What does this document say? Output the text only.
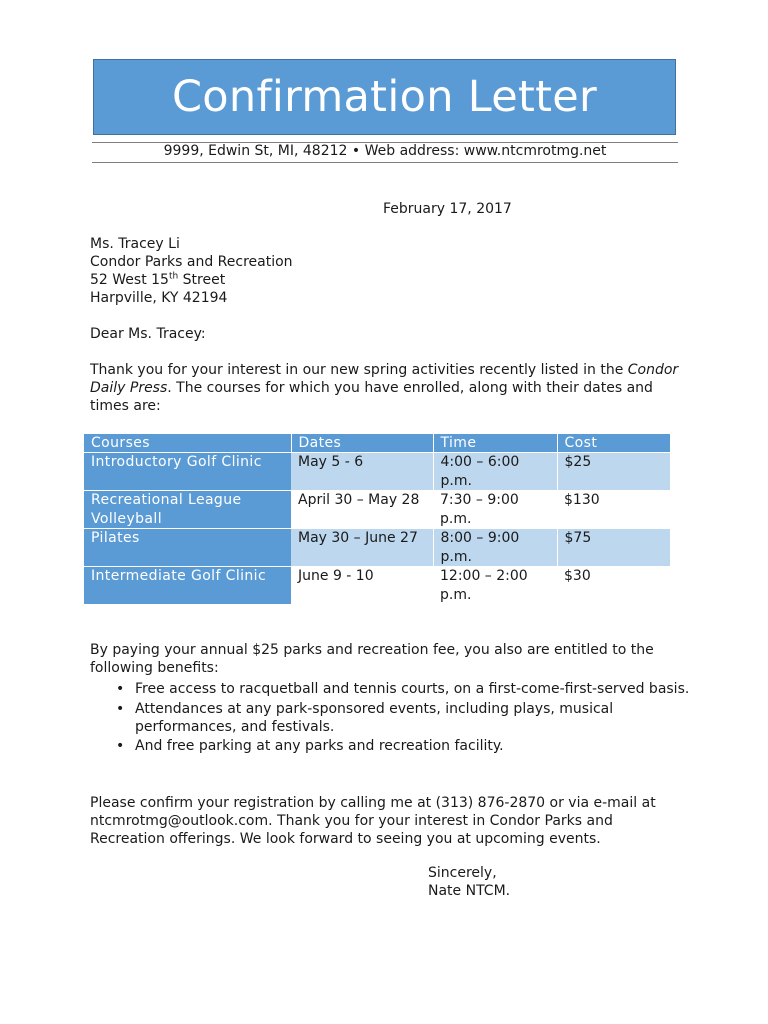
Confirmation Letter
9999, Edwin St, MI, 48212 • Web address: www.ntcmrotmg.net
February 17, 2017
Ms. Tracey Li
Condor Parks and Recreation
52 West 15th Street
Harpville, KY 42194
Dear Ms. Tracey:

Thank you for your interest in our new spring activities recently listed in the Condor Daily Press. The courses for which you have enrolled, along with their dates and times are:

Courses	Dates	Time	Cost
Introductory Golf Clinic	May 5 - 6	4:00 – 6:00 p.m.	$25
Recreational League Volleyball	April 30 – May 28	7:30 – 9:00 p.m.	$130
Pilates	May 30 – June 27	8:00 – 9:00 p.m.	$75
Intermediate Golf Clinic	June 9 - 10	12:00 – 2:00 p.m.	$30

By paying your annual $25 parks and recreation fee, you also are entitled to the following benefits:

• Free access to racquetball and tennis courts, on a first-come-first-served basis.
• Attendances at any park-sponsored events, including plays, musical performances, and festivals.
• And free parking at any parks and recreation facility.

Please confirm your registration by calling me at (313) 876-2870 or via e-mail at ntcmrotmg@outlook.com. Thank you for your interest in Condor Parks and Recreation offerings. We look forward to seeing you at upcoming events.

Sincerely,
Nate NTCM.
